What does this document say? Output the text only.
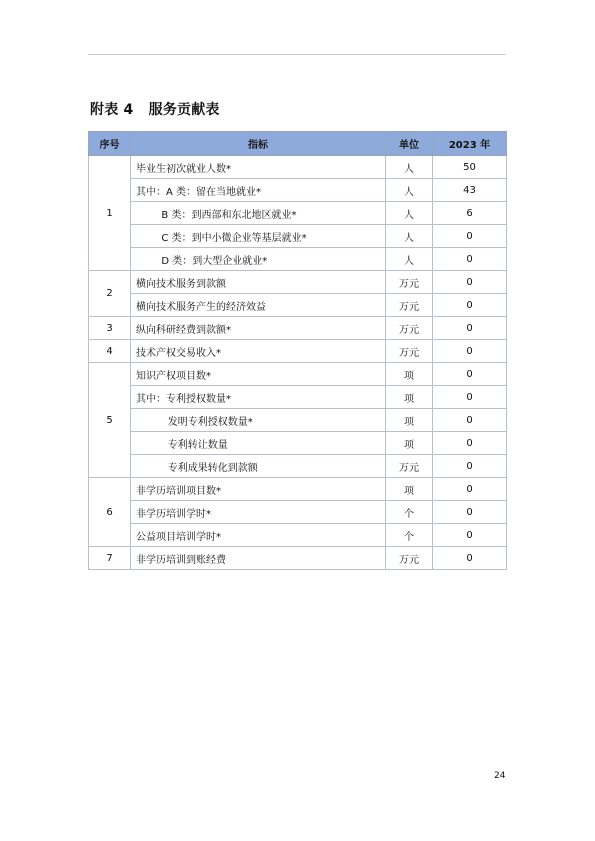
附表 4   服务贡献表
序号	指标	单位	2023 年
1	毕业生初次就业人数*	人	50
	其中：A 类：留在当地就业*	人	43
	B 类：到西部和东北地区就业*	人	6
	C 类：到中小微企业等基层就业*	人	0
	D 类：到大型企业就业*	人	0
2	横向技术服务到款额	万元	0
	横向技术服务产生的经济效益	万元	0
3	纵向科研经费到款额*	万元	0
4	技术产权交易收入*	万元	0
5	知识产权项目数*	项	0
	其中：专利授权数量*	项	0
	发明专利授权数量*	项	0
	专利转让数量	项	0
	专利成果转化到款额	万元	0
6	非学历培训项目数*	项	0
	非学历培训学时*	个	0
	公益项目培训学时*	个	0
7	非学历培训到账经费	万元	0
24
